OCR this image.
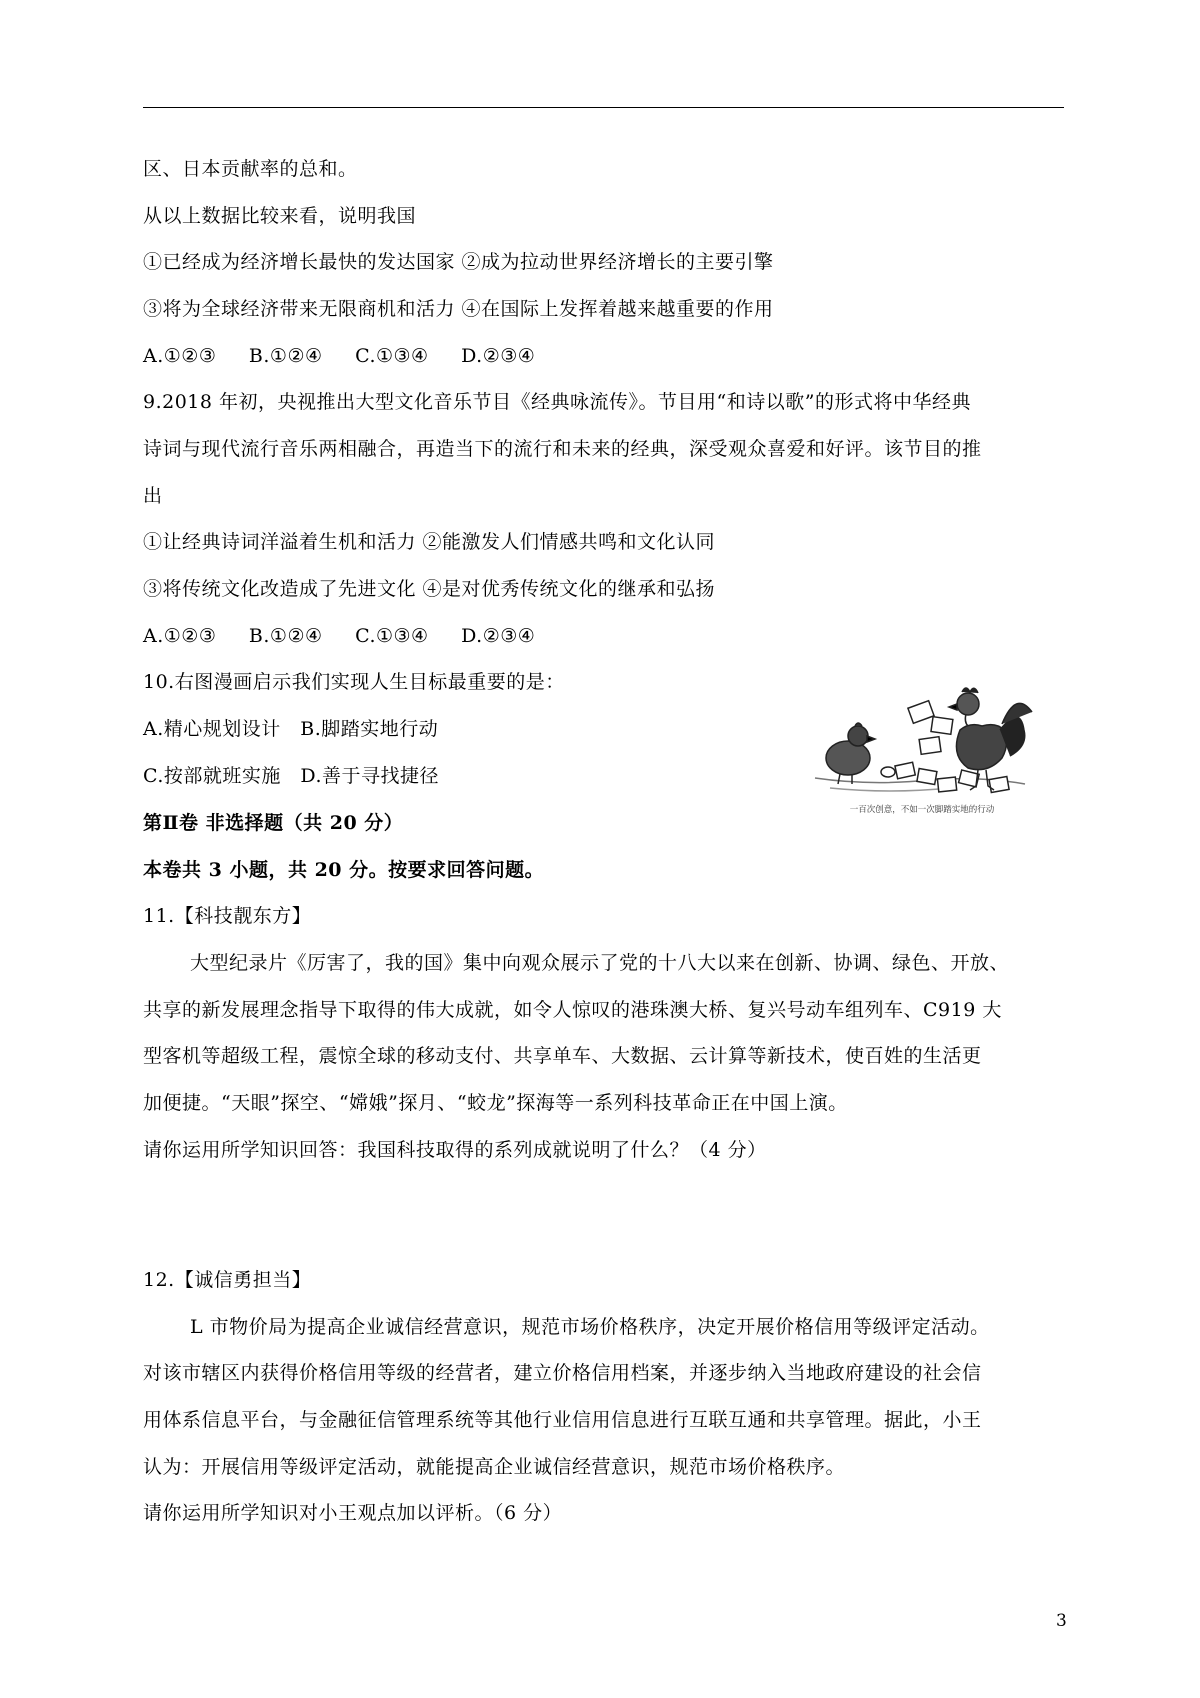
区、日本贡献率的总和。
从以上数据比较来看，说明我国
①已经成为经济增长最快的发达国家 ②成为拉动世界经济增长的主要引擎
③将为全球经济带来无限商机和活力 ④在国际上发挥着越来越重要的作用
A.①②③ B.①②④ C.①③④ D.②③④
9.2018 年初，央视推出大型文化音乐节目《经典咏流传》。节目用“和诗以歌”的形式将中华经典
诗词与现代流行音乐两相融合，再造当下的流行和未来的经典，深受观众喜爱和好评。该节目的推
出
①让经典诗词洋溢着生机和活力 ②能激发人们情感共鸣和文化认同
③将传统文化改造成了先进文化 ④是对优秀传统文化的继承和弘扬
A.①②③ B.①②④ C.①③④ D.②③④
10.右图漫画启示我们实现人生目标最重要的是：
A.精心规划设计　B.脚踏实地行动
C.按部就班实施　D.善于寻找捷径
一百次创意，不如一次脚踏实地的行动
第Ⅱ卷 非选择题（共 20 分）
本卷共 3 小题，共 20 分。按要求回答问题。
11.【科技靓东方】
大型纪录片《厉害了，我的国》集中向观众展示了党的十八大以来在创新、协调、绿色、开放、
共享的新发展理念指导下取得的伟大成就，如令人惊叹的港珠澳大桥、复兴号动车组列车、C919 大
型客机等超级工程，震惊全球的移动支付、共享单车、大数据、云计算等新技术，使百姓的生活更
加便捷。“天眼”探空、“嫦娥”探月、“蛟龙”探海等一系列科技革命正在中国上演。
请你运用所学知识回答：我国科技取得的系列成就说明了什么？（4 分）
12.【诚信勇担当】
L 市物价局为提高企业诚信经营意识，规范市场价格秩序，决定开展价格信用等级评定活动。
对该市辖区内获得价格信用等级的经营者，建立价格信用档案，并逐步纳入当地政府建设的社会信
用体系信息平台，与金融征信管理系统等其他行业信用信息进行互联互通和共享管理。据此，小王
认为：开展信用等级评定活动，就能提高企业诚信经营意识，规范市场价格秩序。
请你运用所学知识对小王观点加以评析。（6 分）
3
